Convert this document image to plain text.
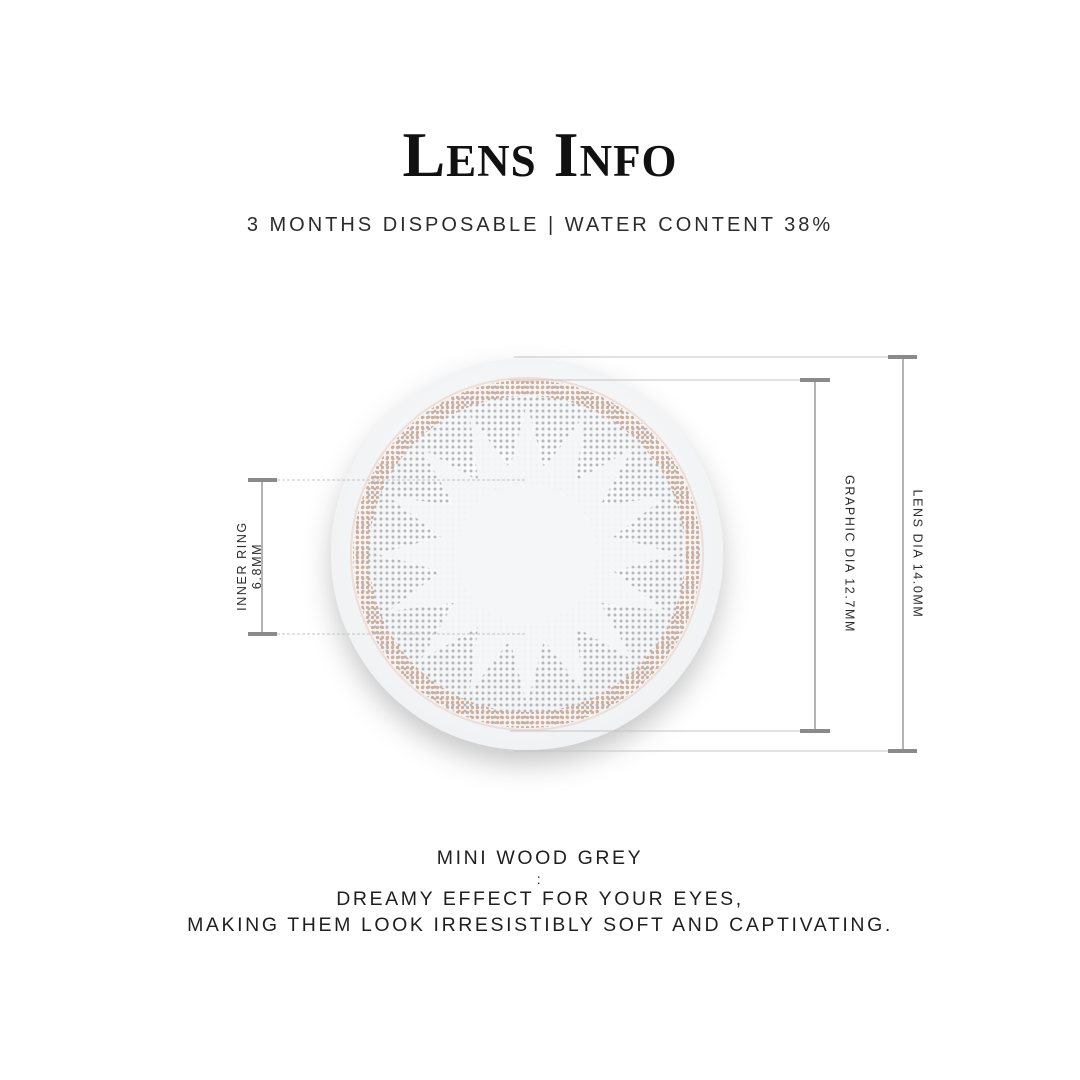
Lens Info
3 MONTHS DISPOSABLE | WATER CONTENT 38%
INNER RING 6.8MM	GRAPHIC DIA 12.7MM	LENS DIA 14.0MM
MINI WOOD GREY
:
DREAMY EFFECT FOR YOUR EYES,
MAKING THEM LOOK IRRESISTIBLY SOFT AND CAPTIVATING.
